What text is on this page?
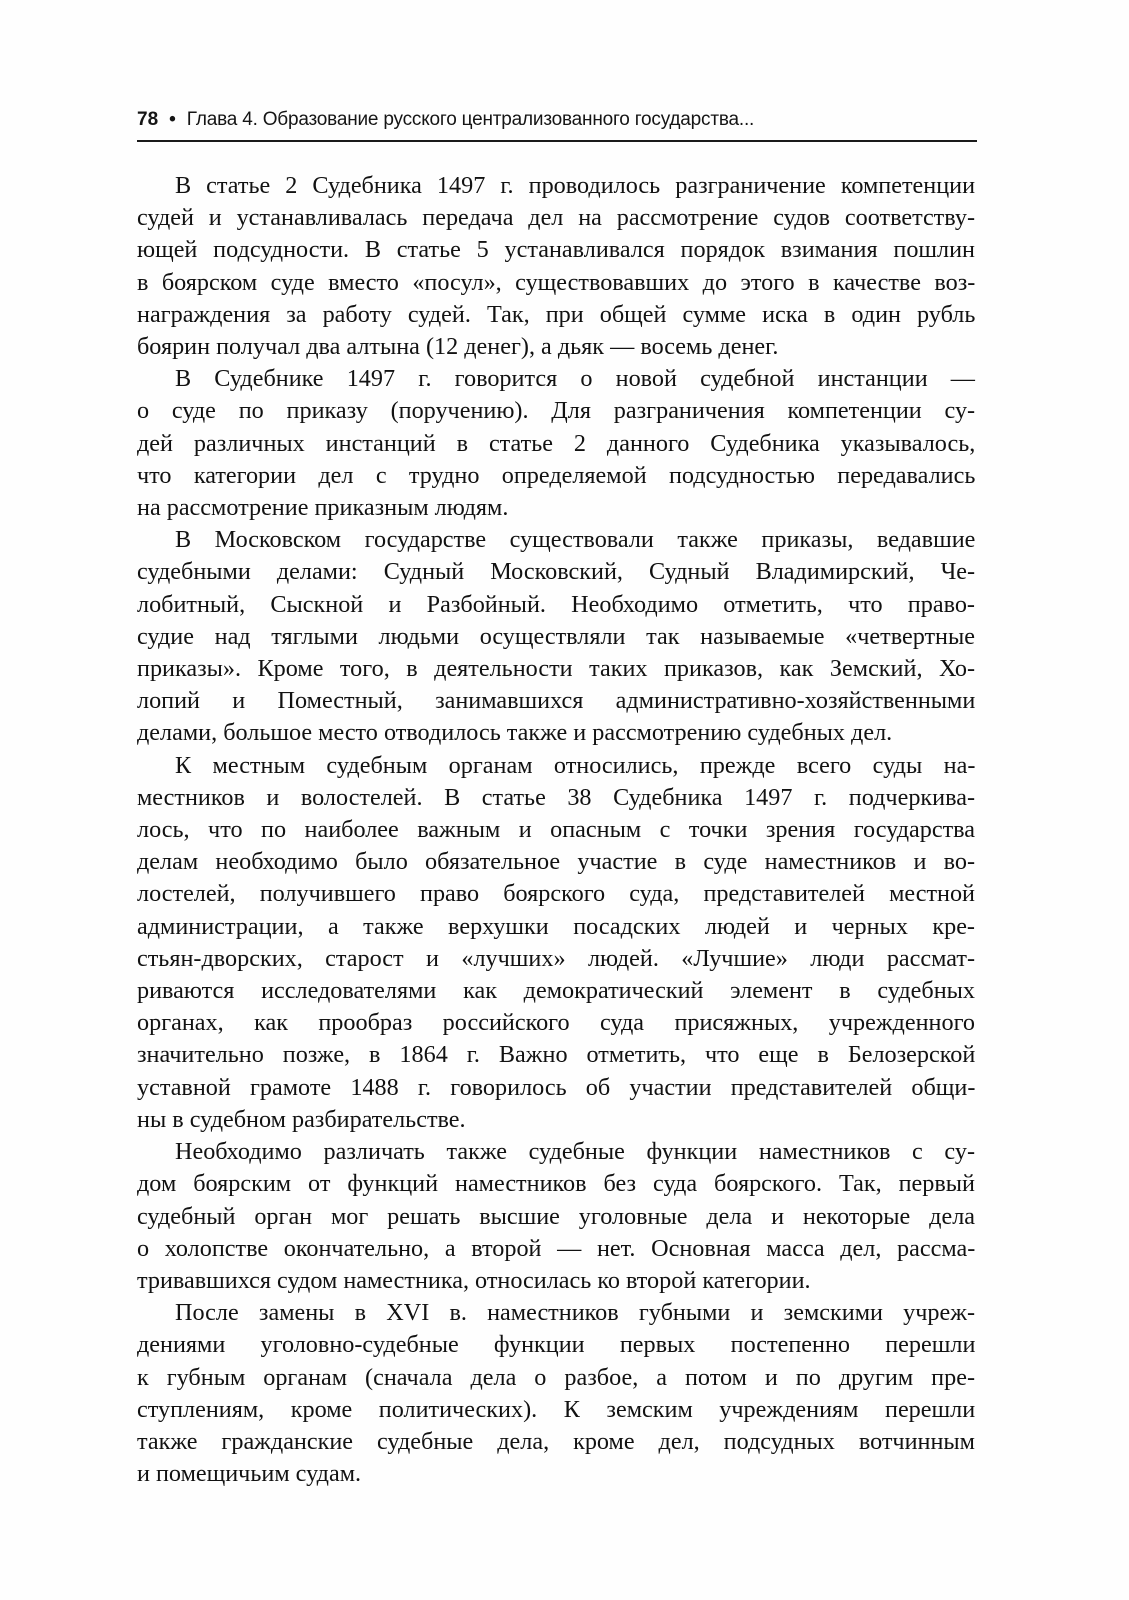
78 • Глава 4. Образование русского централизованного государства...

В статье 2 Судебника 1497 г. проводилось разграничение компетенции
судей и устанавливалась передача дел на рассмотрение судов соответству-
ющей подсудности. В статье 5 устанавливался порядок взимания пошлин
в боярском суде вместо «посул», существовавших до этого в качестве воз-
награждения за работу судей. Так, при общей сумме иска в один рубль
боярин получал два алтына (12 денег), а дьяк — восемь денег.

В Судебнике 1497 г. говорится о новой судебной инстанции —
о суде по приказу (поручению). Для разграничения компетенции су-
дей различных инстанций в статье 2 данного Судебника указывалось,
что категории дел с трудно определяемой подсудностью передавались
на рассмотрение приказным людям.

В Московском государстве существовали также приказы, ведавшие
судебными делами: Судный Московский, Судный Владимирский, Че-
лобитный, Сыскной и Разбойный. Необходимо отметить, что право-
судие над тяглыми людьми осуществляли так называемые «четвертные
приказы». Кроме того, в деятельности таких приказов, как Земский, Хо-
лопий и Поместный, занимавшихся административно-хозяйственными
делами, большое место отводилось также и рассмотрению судебных дел.

К местным судебным органам относились, прежде всего суды на-
местников и волостелей. В статье 38 Судебника 1497 г. подчеркива-
лось, что по наиболее важным и опасным с точки зрения государства
делам необходимо было обязательное участие в суде наместников и во-
лостелей, получившего право боярского суда, представителей местной
администрации, а также верхушки посадских людей и черных кре-
стьян-дворских, старост и «лучших» людей. «Лучшие» люди рассмат-
риваются исследователями как демократический элемент в судебных
органах, как прообраз российского суда присяжных, учрежденного
значительно позже, в 1864 г. Важно отметить, что еще в Белозерской
уставной грамоте 1488 г. говорилось об участии представителей общи-
ны в судебном разбирательстве.

Необходимо различать также судебные функции наместников с су-
дом боярским от функций наместников без суда боярского. Так, первый
судебный орган мог решать высшие уголовные дела и некоторые дела
о холопстве окончательно, а второй — нет. Основная масса дел, рассма-
тривавшихся судом наместника, относилась ко второй категории.

После замены в XVI в. наместников губными и земскими учреж-
дениями уголовно-судебные функции первых постепенно перешли
к губным органам (сначала дела о разбое, а потом и по другим пре-
ступлениям, кроме политических). К земским учреждениям перешли
также гражданские судебные дела, кроме дел, подсудных вотчинным
и помещичьим судам.
